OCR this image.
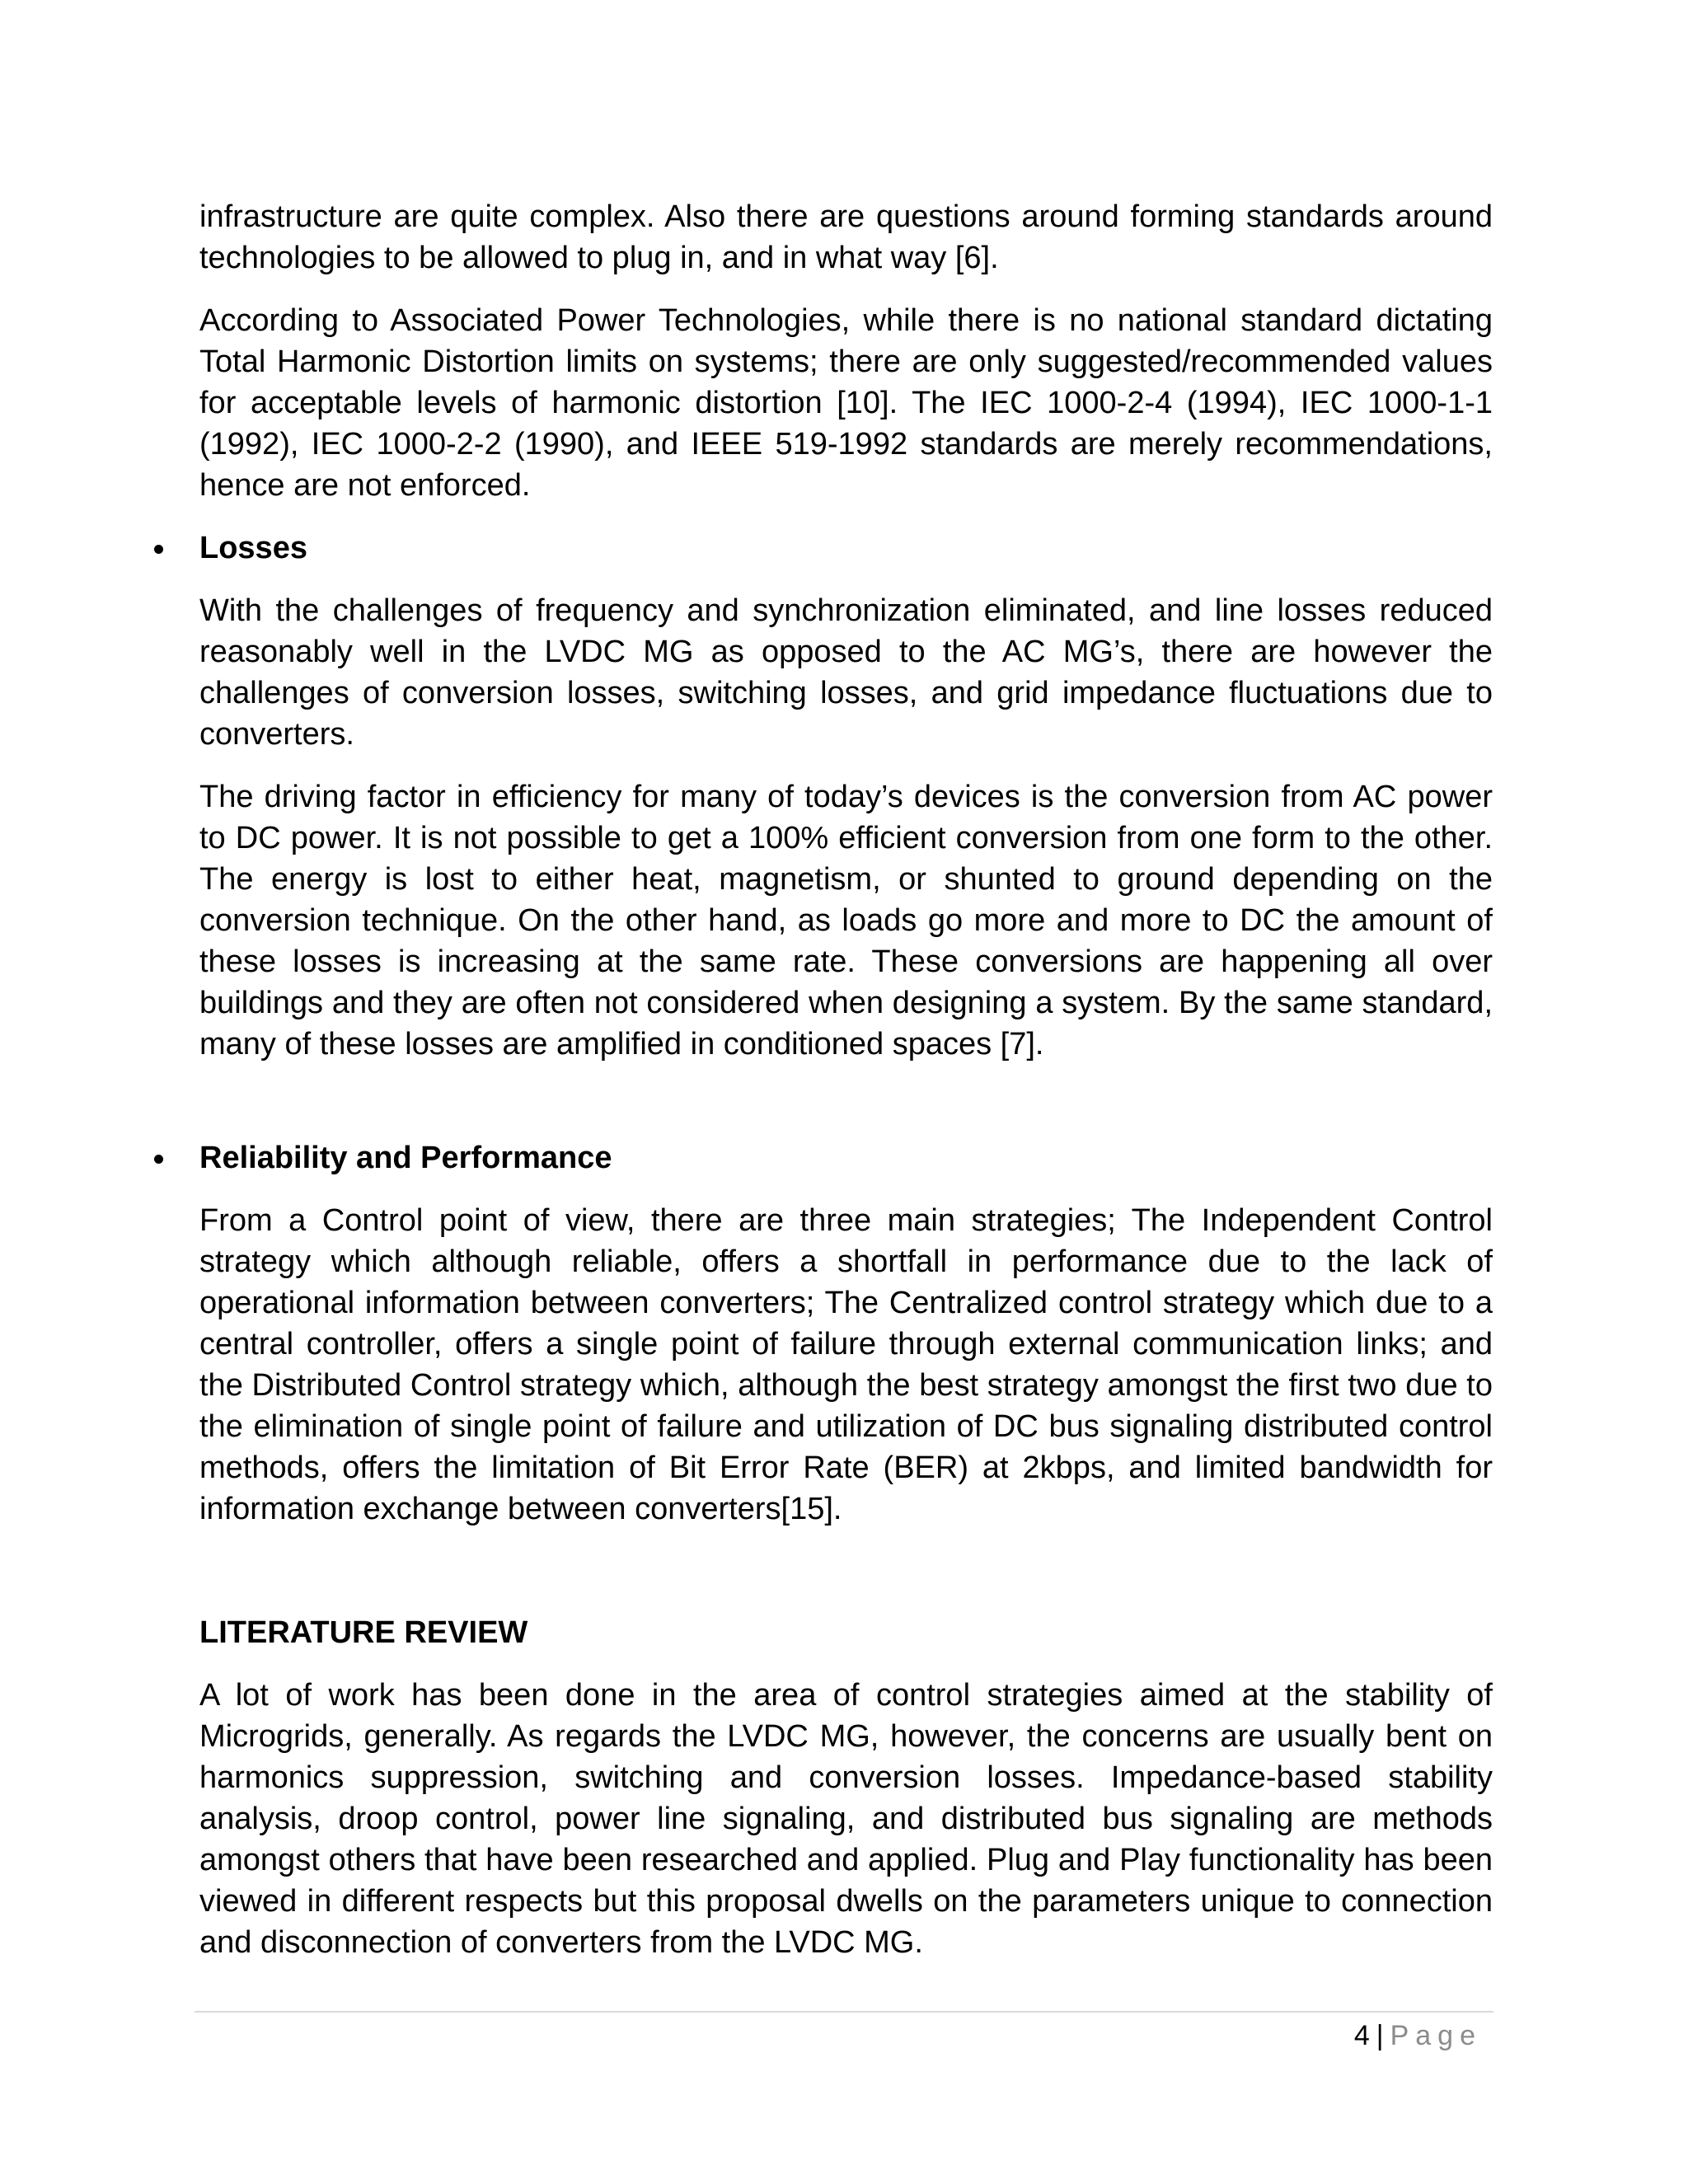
infrastructure are quite complex. Also there are questions around forming standards around technologies to be allowed to plug in, and in what way [6].

According to Associated Power Technologies, while there is no national standard dictating Total Harmonic Distortion limits on systems; there are only suggested/recommended values for acceptable levels of harmonic distortion [10]. The IEC 1000-2-4 (1994), IEC 1000-1-1 (1992), IEC 1000-2-2 (1990), and IEEE 519-1992 standards are merely recommendations, hence are not enforced.

Losses

With the challenges of frequency and synchronization eliminated, and line losses reduced reasonably well in the LVDC MG as opposed to the AC MG’s, there are however the challenges of conversion losses, switching losses, and grid impedance fluctuations due to converters.

The driving factor in efficiency for many of today’s devices is the conversion from AC power to DC power. It is not possible to get a 100% efficient conversion from one form to the other. The energy is lost to either heat, magnetism, or shunted to ground depending on the conversion technique. On the other hand, as loads go more and more to DC the amount of these losses is increasing at the same rate. These conversions are happening all over buildings and they are often not considered when designing a system. By the same standard, many of these losses are amplified in conditioned spaces [7].

Reliability and Performance

From a Control point of view, there are three main strategies; The Independent Control strategy which although reliable, offers a shortfall in performance due to the lack of operational information between converters; The Centralized control strategy which due to a central controller, offers a single point of failure through external communication links; and the Distributed Control strategy which, although the best strategy amongst the first two due to the elimination of single point of failure and utilization of DC bus signaling distributed control methods, offers the limitation of Bit Error Rate (BER) at 2kbps, and limited bandwidth for information exchange between converters[15].

LITERATURE REVIEW

A lot of work has been done in the area of control strategies aimed at the stability of Microgrids, generally. As regards the LVDC MG, however, the concerns are usually bent on harmonics suppression, switching and conversion losses. Impedance-based stability analysis, droop control, power line signaling, and distributed bus signaling are methods amongst others that have been researched and applied. Plug and Play functionality has been viewed in different respects but this proposal dwells on the parameters unique to connection and disconnection of converters from the LVDC MG.

4 | Page
